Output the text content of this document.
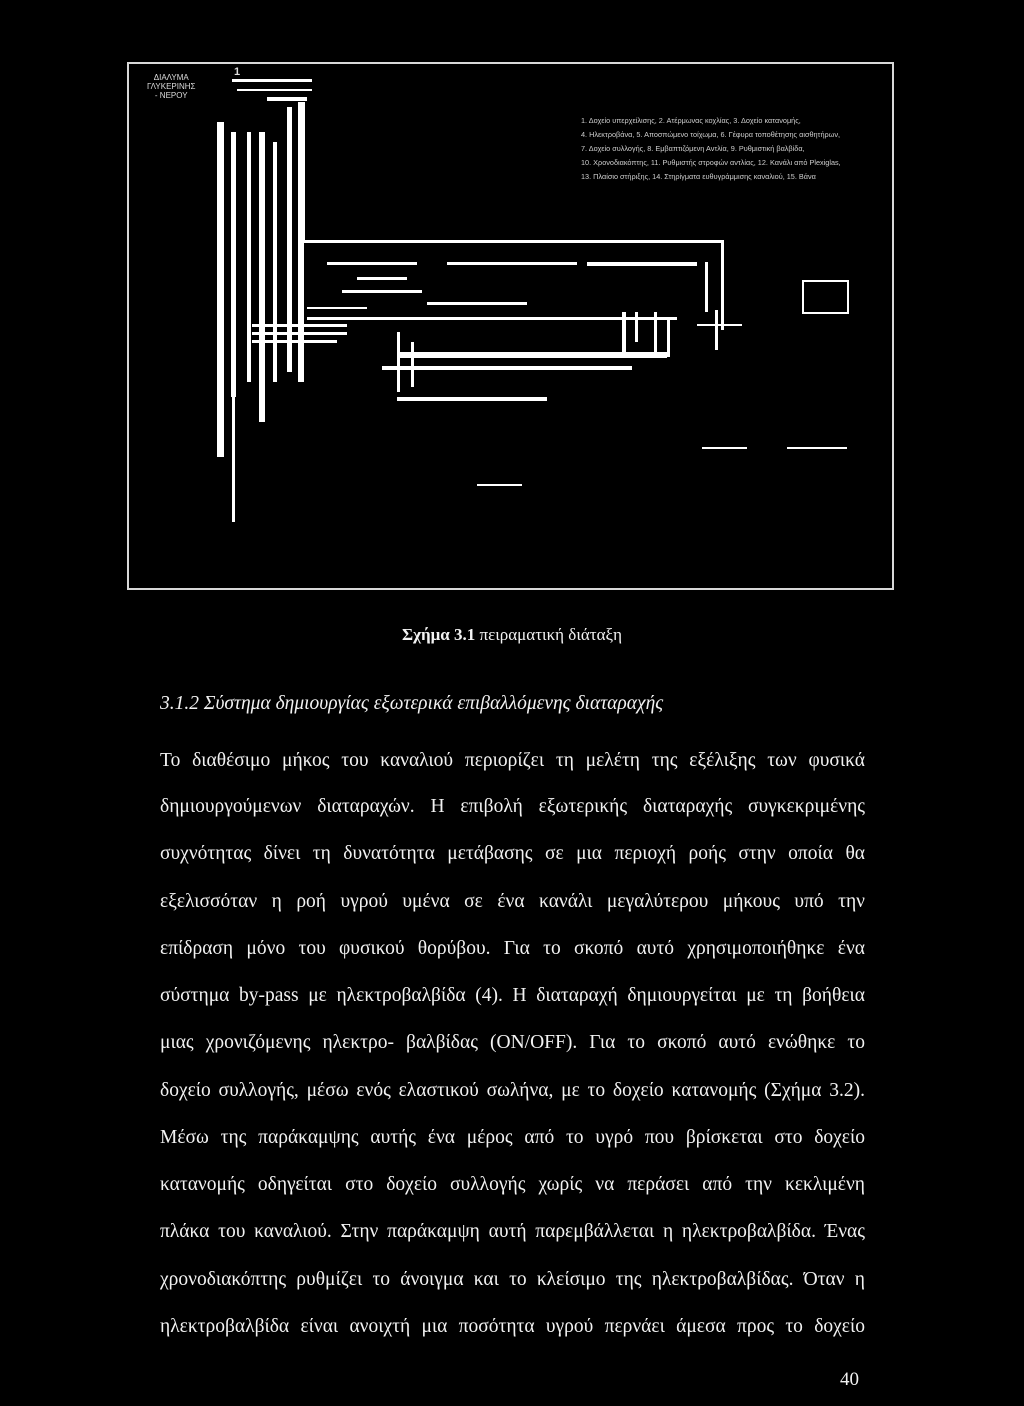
ΔΙΑΛΥΜΑ
ΓΛΥΚΕΡΙΝΗΣ
- ΝΕΡΟΥ
1
1. Δοχείο υπερχείλισης, 2. Ατέρμωνας κοχλίας, 3. Δοχείο κατανομής,
4. Ηλεκτροβάνα, 5. Αποσπώμενο τοίχωμα, 6. Γέφυρα τοποθέτησης αισθητήρων,
7. Δοχείο συλλογής, 8. Εμβαπτιζόμενη Αντλία, 9. Ρυθμιστική βαλβίδα,
10. Χρονοδιακόπτης, 11. Ρυθμιστής στροφών αντλίας, 12. Κανάλι από Plexiglas,
13. Πλαίσιο στήριξης, 14. Στηρίγματα ευθυγράμμισης καναλιού, 15. Βάνα
Σχήμα 3.1 πειραματική διάταξη
3.1.2 Σύστημα δημιουργίας εξωτερικά επιβαλλόμενης διαταραχής
Το διαθέσιμο μήκος του καναλιού περιορίζει τη μελέτη της εξέλιξης των φυσικά
δημιουργούμενων διαταραχών. Η επιβολή εξωτερικής διαταραχής συγκεκριμένης
συχνότητας δίνει τη δυνατότητα μετάβασης σε μια περιοχή ροής στην οποία θα
εξελισσόταν η ροή υγρού υμένα σε ένα κανάλι μεγαλύτερου μήκους υπό την
επίδραση μόνο του φυσικού θορύβου. Για το σκοπό αυτό χρησιμοποιήθηκε ένα
σύστημα by-pass με ηλεκτροβαλβίδα (4). Η διαταραχή δημιουργείται με τη βοήθεια
μιας χρονιζόμενης ηλεκτρο- βαλβίδας (ON/OFF). Για το σκοπό αυτό ενώθηκε το
δοχείο συλλογής, μέσω ενός ελαστικού σωλήνα, με το δοχείο κατανομής (Σχήμα 3.2).
Μέσω της παράκαμψης αυτής ένα μέρος από το υγρό που βρίσκεται στο δοχείο
κατανομής οδηγείται στο δοχείο συλλογής χωρίς να περάσει από την κεκλιμένη
πλάκα του καναλιού. Στην παράκαμψη αυτή παρεμβάλλεται η ηλεκτροβαλβίδα. Ένας
χρονοδιακόπτης ρυθμίζει το άνοιγμα και το κλείσιμο της ηλεκτροβαλβίδας. Όταν η
ηλεκτροβαλβίδα είναι ανοιχτή μια ποσότητα υγρού περνάει άμεσα προς το δοχείο
40
